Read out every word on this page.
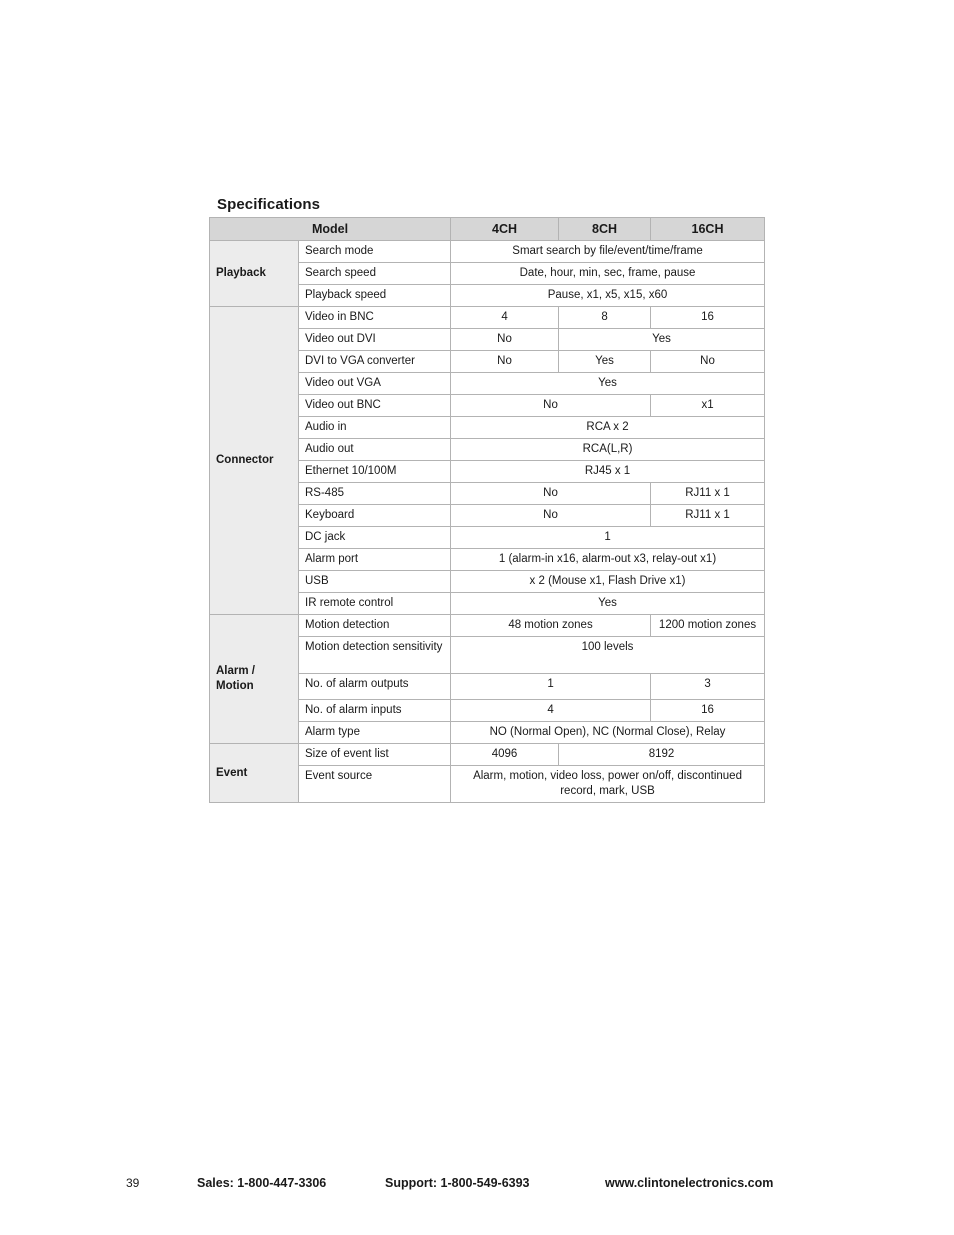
Specifications
Model		4CH	8CH	16CH
Playback	Search mode	Smart search by file/event/time/frame		
	Search speed	Date, hour, min, sec, frame, pause		
	Playback speed	Pause, x1, x5, x15, x60		
Connector	Video in BNC	4	8	16
	Video out DVI	No	Yes	
	DVI to VGA converter	No	Yes	No
	Video out VGA	Yes		
	Video out BNC	No		x1
	Audio in	RCA x 2		
	Audio out	RCA(L,R)		
	Ethernet 10/100M	RJ45 x 1		
	RS-485	No		RJ11 x 1
	Keyboard	No		RJ11 x 1
	DC jack	1		
	Alarm port	1 (alarm-in x16, alarm-out x3, relay-out x1)		
	USB	x 2 (Mouse x1, Flash Drive x1)		
	IR remote control	Yes		
Alarm / Motion	Motion detection	48 motion zones		1200 motion zones
	Motion detection sensitivity	100 levels		
	No. of alarm outputs	1		3
	No. of alarm inputs	4		16
	Alarm type	NO (Normal Open), NC (Normal Close), Relay		
Event	Size of event list	4096	8192	
	Event source	Alarm, motion, video loss, power on/off, discontinued record, mark, USB		
39	Sales: 1-800-447-3306	Support: 1-800-549-6393	www.clintonelectronics.com
